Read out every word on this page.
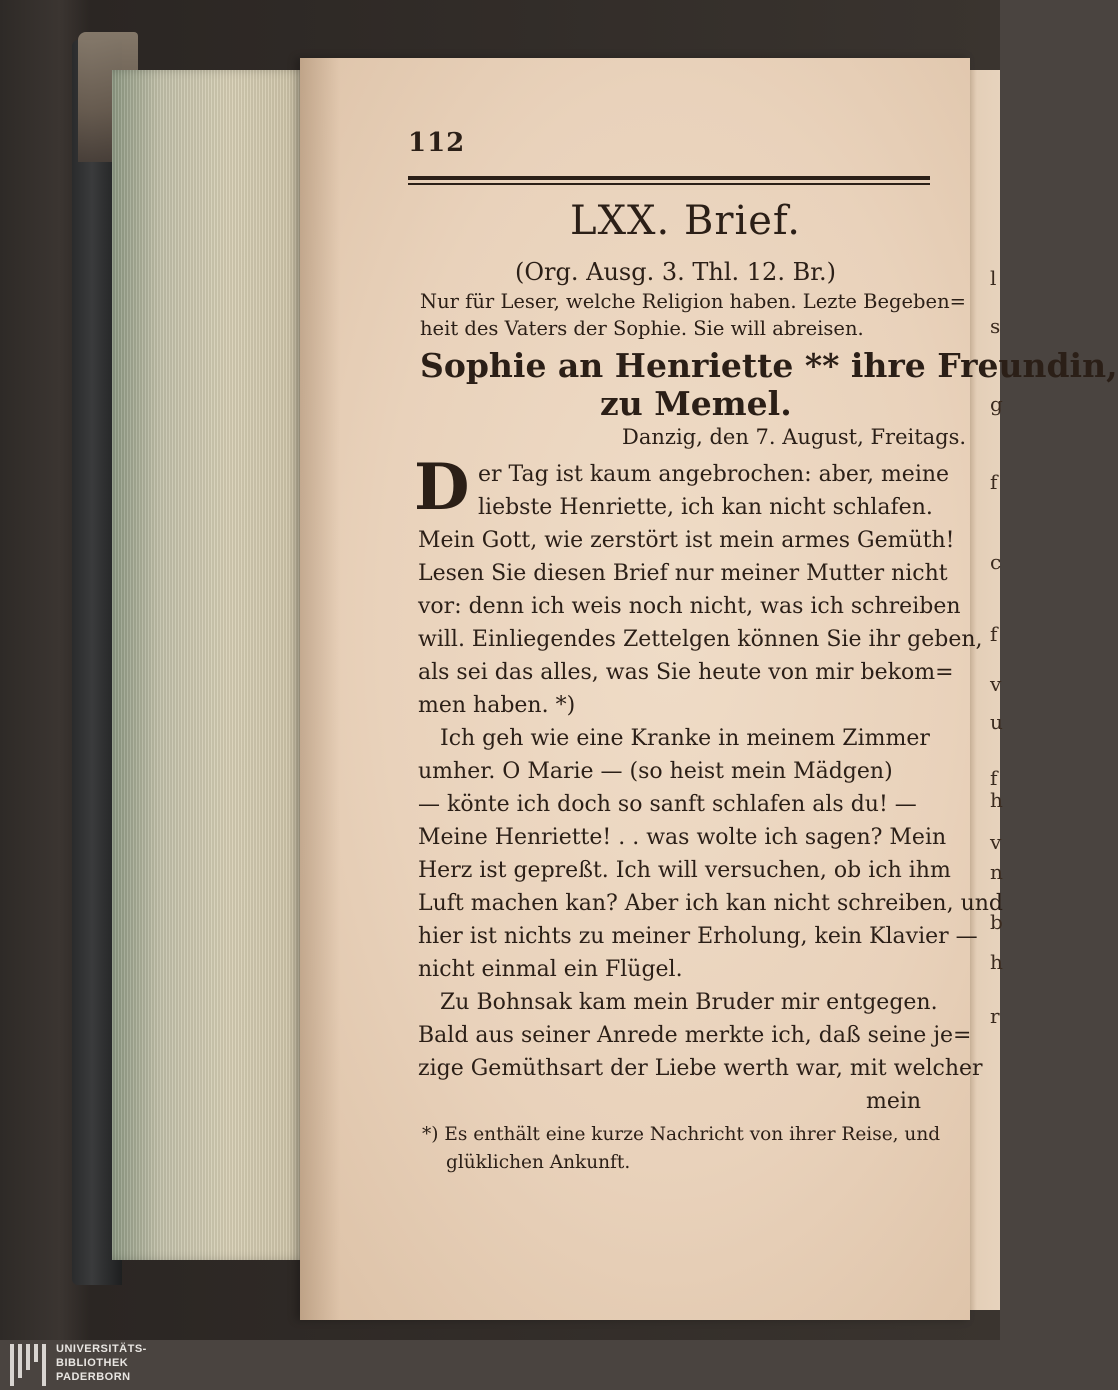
l
s
g
f
c
f
v
u
f
h
v
n
b
h
r
112
LXX. Brief.
(Org. Ausg. 3. Thl. 12. Br.)
Nur für Leser, welche Religion haben. Lezte Begeben=
heit des Vaters der Sophie. Sie will abreisen.
Sophie an Henriette ** ihre Freundin,
zu Memel.
Danzig, den 7. August, Freitags.
D er Tag ist kaum angebrochen: aber, meine
liebste Henriette, ich kan nicht schlafen.
Mein Gott, wie zerstört ist mein armes Gemüth!
Lesen Sie diesen Brief nur meiner Mutter nicht
vor: denn ich weis noch nicht, was ich schreiben
will. Einliegendes Zettelgen können Sie ihr geben,
als sei das alles, was Sie heute von mir bekom=
men haben. *)
Ich geh wie eine Kranke in meinem Zimmer
umher. O Marie — (so heist mein Mädgen)
— könte ich doch so sanft schlafen als du! —
Meine Henriette! . . was wolte ich sagen? Mein
Herz ist gepreßt. Ich will versuchen, ob ich ihm
Luft machen kan? Aber ich kan nicht schreiben, und
hier ist nichts zu meiner Erholung, kein Klavier —
nicht einmal ein Flügel.
Zu Bohnsak kam mein Bruder mir entgegen.
Bald aus seiner Anrede merkte ich, daß seine je=
zige Gemüthsart der Liebe werth war, mit welcher
mein
*) Es enthält eine kurze Nachricht von ihrer Reise, und
glüklichen Ankunft.
UNIVERSITÄTS-
BIBLIOTHEK
PADERBORN
